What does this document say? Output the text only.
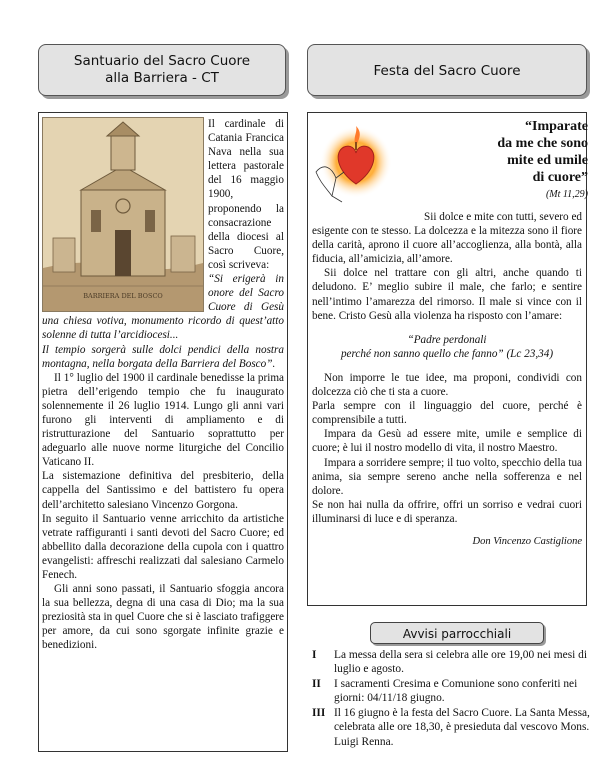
Santuario del Sacro Cuore
alla Barriera - CT	Festa del Sacro Cuore
BARRIERA DEL BOSCO

Il cardinale di Catania Francica Nava nella sua lettera pastorale del 16 maggio 1900, proponendo la consacrazione della diocesi al Sacro Cuore, così scriveva:

“Si erigerà in onore del Sacro Cuore di Gesù una chiesa votiva, monumento ricordo di quest’atto solenne di tutta l’arcidiocesi...

Il tempio sorgerà sulle dolci pendici della nostra montagna, nella borgata della Barriera del Bosco”.

Il 1° luglio del 1900 il cardinale benedisse la prima pietra dell’erigendo tempio che fu inaugurato solennemente il 26 luglio 1914. Lungo gli anni vari furono gli interventi di ampliamento e di ristrutturazione del Santuario soprattutto per adeguarlo alle nuove norme liturgiche del Concilio Vaticano II.

La sistemazione definitiva del presbiterio, della cappella del Santissimo e del battistero fu opera dell’architetto salesiano Vincenzo Gorgona.

In seguito il Santuario venne arricchito da artistiche vetrate raffiguranti i santi devoti del Sacro Cuore; ed abbellito dalla decorazione della cupola con i quattro evangelisti: affreschi realizzati dal salesiano Carmelo Fenech.

Gli anni sono passati, il Santuario sfoggia ancora la sua bellezza, degna di una casa di Dio; ma la sua preziosità sta in quel Cuore che si è lasciato trafiggere per amore, da cui sono sgorgate infinite grazie e benedizioni.

“Imparate
da me che sono
mite ed umile
di cuore”
(Mt 11,29)

Sii dolce e mite con tutti, severo ed esigente con te stesso. La dolcezza e la mitezza sono il fiore della carità, aprono il cuore all’accoglienza, alla bontà, alla fiducia, all’amicizia, all’amore.

Sii dolce nel trattare con gli altri, anche quando ti deludono. E’ meglio subire il male, che farlo; e sentire nell’intimo l’amarezza del rimorso. Il male si vince con il bene. Cristo Gesù alla violenza ha risposto con l’amare:

“Padre perdonali

perché non sanno quello che fanno” (Lc 23,34)

Non imporre le tue idee, ma proponi, condividi con dolcezza ciò che ti sta a cuore.

Parla sempre con il linguaggio del cuore, perché è comprensibile a tutti.

Impara da Gesù ad essere mite, umile e semplice di cuore; è lui il nostro modello di vita, il nostro Maestro.

Impara a sorridere sempre; il tuo volto, specchio della tua anima, sia sempre sereno anche nella sofferenza e nel dolore.

Se non hai nulla da offrire, offri un sorriso e vedrai cuori illuminarsi di luce e di speranza.

Don Vincenzo Castiglione

Avvisi parrocchiali
I La messa della sera si celebra alle ore 19,00 nei mesi di luglio e agosto.
II I sacramenti Cresima e Comunione sono conferiti nei giorni: 04/11/18 giugno.
III Il 16 giugno è la festa del Sacro Cuore. La Santa Messa, celebrata alle ore 18,30, è presieduta dal vescovo Mons. Luigi Renna.
